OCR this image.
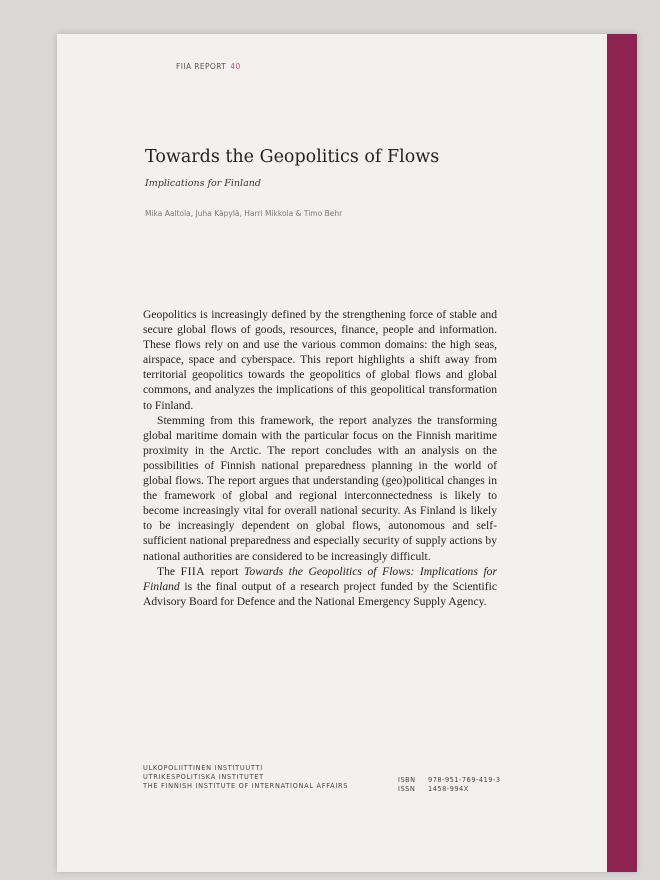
FIIA REPORT 40
Towards the Geopolitics of Flows
Implications for Finland
Mika Aaltola, Juha Käpylä, Harri Mikkola & Timo Behr

Geopolitics is increasingly defined by the strengthening force of stable and secure global flows of goods, resources, finance, people and information. These flows rely on and use the various common domains: the high seas, airspace, space and cyberspace. This report highlights a shift away from territorial geopolitics towards the geopolitics of global flows and global commons, and analyzes the implications of this geopolitical transformation to Finland.

Stemming from this framework, the report analyzes the transforming global maritime domain with the particular focus on the Finnish maritime proximity in the Arctic. The report concludes with an analysis on the possibilities of Finnish national preparedness planning in the world of global flows. The report argues that understanding (geo)political changes in the framework of global and regional interconnectedness is likely to become increasingly vital for overall national security. As Finland is likely to be increasingly dependent on global flows, autonomous and self-sufficient national preparedness and especially security of supply actions by national authorities are considered to be increasingly difficult.

The FIIA report Towards the Geopolitics of Flows: Implications for Finland is the final output of a research project funded by the Scientific Advisory Board for Defence and the National Emergency Supply Agency.

ULKOPOLIITTINEN INSTITUUTTI
UTRIKESPOLITISKA INSTITUTET
THE FINNISH INSTITUTE OF INTERNATIONAL AFFAIRS
ISBN	978-951-769-419-3
ISSN	1458-994X
